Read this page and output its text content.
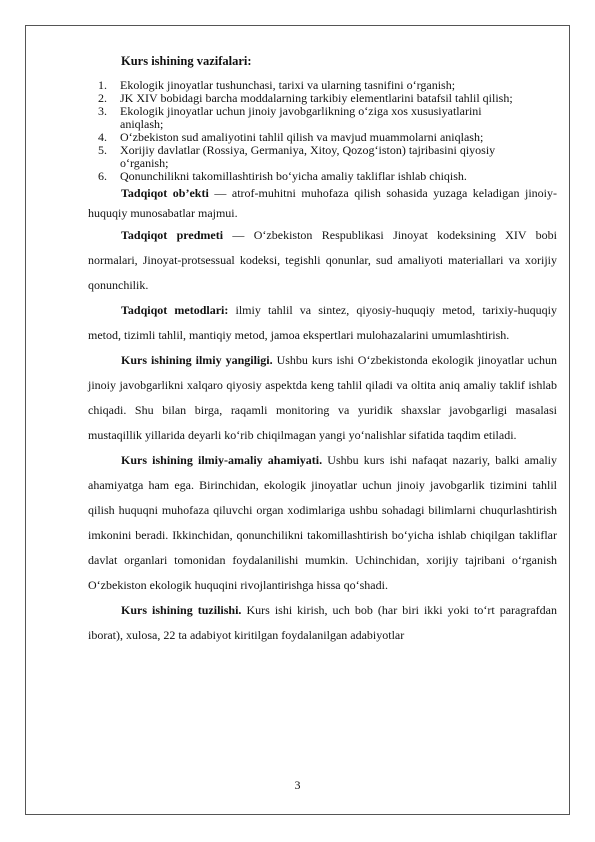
Kurs ishining vazifalari:
1. Ekologik jinoyatlar tushunchasi, tarixi va ularning tasnifini o‘rganish;
2. JK XIV bobidagi barcha moddalarning tarkibiy elementlarini batafsil tahlil qilish;
3. Ekologik jinoyatlar uchun jinoiy javobgarlikning o‘ziga xos xususiyatlarini aniqlash;
4. O‘zbekiston sud amaliyotini tahlil qilish va mavjud muammolarni aniqlash;
5. Xorijiy davlatlar (Rossiya, Germaniya, Xitoy, Qozog‘iston) tajribasini qiyosiy o‘rganish;
6. Qonunchilikni takomillashtirish bo‘yicha amaliy takliflar ishlab chiqish.

Tadqiqot ob’ekti — atrof-muhitni muhofaza qilish sohasida yuzaga keladigan jinoiy-huquqiy munosabatlar majmui.

Tadqiqot predmeti — O‘zbekiston Respublikasi Jinoyat kodeksining XIV bobi normalari, Jinoyat-protsessual kodeksi, tegishli qonunlar, sud amaliyoti materiallari va xorijiy qonunchilik.

Tadqiqot metodlari: ilmiy tahlil va sintez, qiyosiy-huquqiy metod, tarixiy-huquqiy metod, tizimli tahlil, mantiqiy metod, jamoa ekspertlari mulohazalarini umumlashtirish.

Kurs ishining ilmiy yangiligi. Ushbu kurs ishi O‘zbekistonda ekologik jinoyatlar uchun jinoiy javobgarlikni xalqaro qiyosiy aspektda keng tahlil qiladi va oltita aniq amaliy taklif ishlab chiqadi. Shu bilan birga, raqamli monitoring va yuridik shaxslar javobgarligi masalasi mustaqillik yillarida deyarli ko‘rib chiqilmagan yangi yo‘nalishlar sifatida taqdim etiladi.

Kurs ishining ilmiy-amaliy ahamiyati. Ushbu kurs ishi nafaqat nazariy, balki amaliy ahamiyatga ham ega. Birinchidan, ekologik jinoyatlar uchun jinoiy javobgarlik tizimini tahlil qilish huquqni muhofaza qiluvchi organ xodimlariga ushbu sohadagi bilimlarni chuqurlashtirish imkonini beradi. Ikkinchidan, qonunchilikni takomillashtirish bo‘yicha ishlab chiqilgan takliflar davlat organlari tomonidan foydalanilishi mumkin. Uchinchidan, xorijiy tajribani o‘rganish O‘zbekiston ekologik huquqini rivojlantirishga hissa qo‘shadi.

Kurs ishining tuzilishi. Kurs ishi kirish, uch bob (har biri ikki yoki to‘rt paragrafdan iborat), xulosa, 22 ta adabiyot kiritilgan foydalanilgan adabiyotlar

3
